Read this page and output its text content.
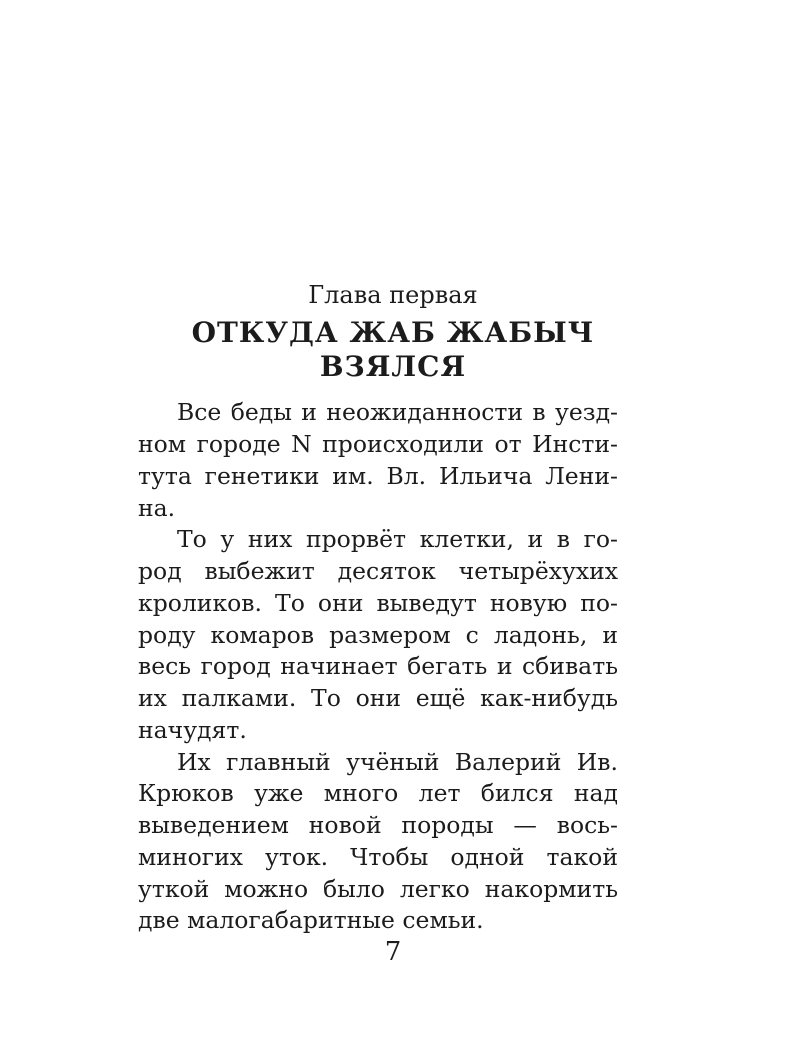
Глава первая
ОТКУДА ЖАБ ЖАБЫЧ
ВЗЯЛСЯ
Все беды и неожиданности в уезд-
ном городе N происходили от Инсти-
тута генетики им. Вл. Ильича Лени-
на.
То у них прорвёт клетки, и в го-
род выбежит десяток четырёхухих
кроликов. То они выведут новую по-
роду комаров размером с ладонь, и
весь город начинает бегать и сбивать
их палками. То они ещё как-нибудь
начудят.
Их главный учёный Валерий Ив.
Крюков уже много лет бился над
выведением новой породы — вось-
миногих уток. Чтобы одной такой
уткой можно было легко накормить
две малогабаритные семьи.
7
